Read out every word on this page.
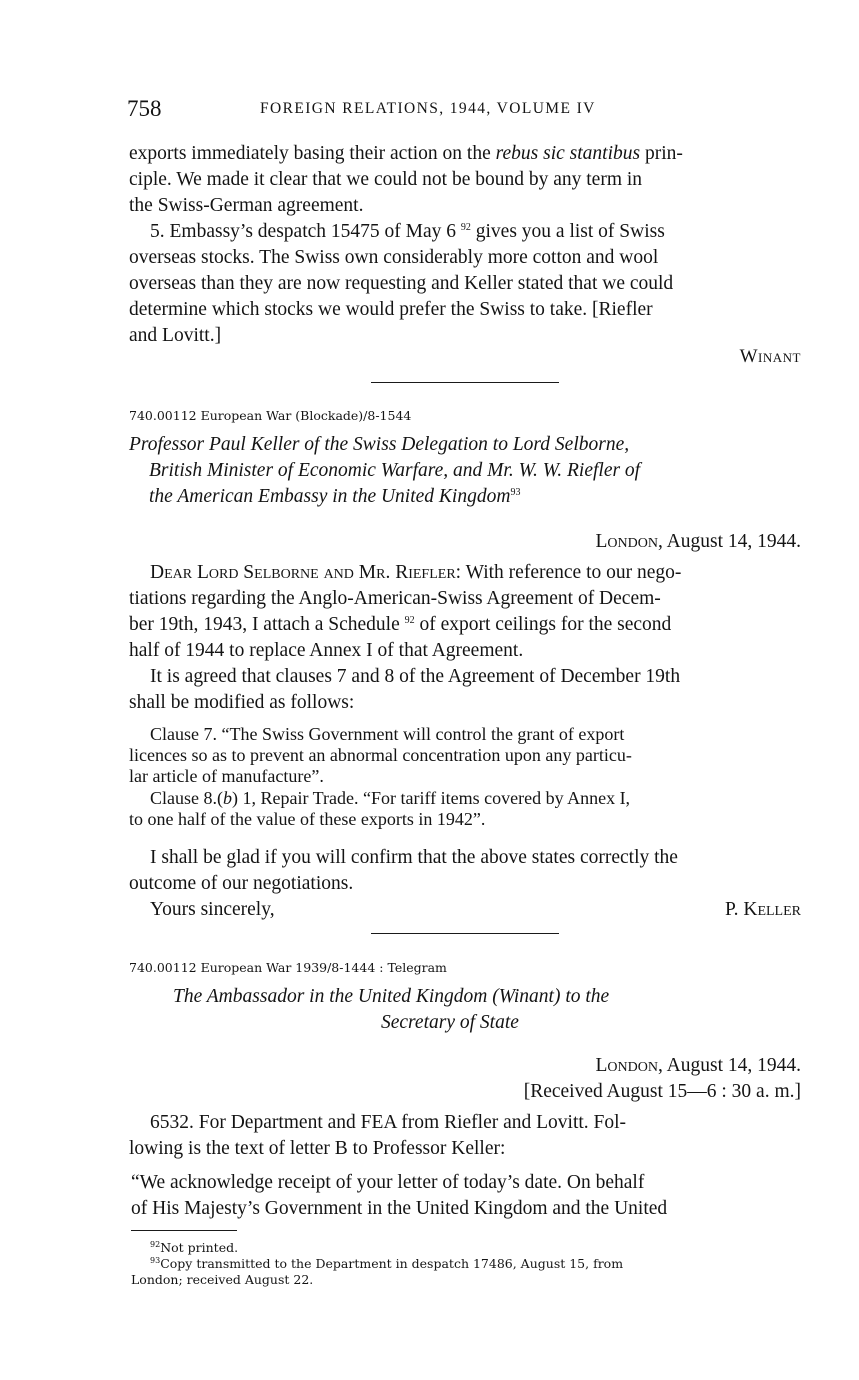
758	FOREIGN RELATIONS, 1944, VOLUME IV
exports immediately basing their action on the rebus sic stantibus prin-
ciple. We made it clear that we could not be bound by any term in
the Swiss-German agreement.
5. Embassy’s despatch 15475 of May 6 $^{92}$ gives you a list of Swiss
overseas stocks. The Swiss own considerably more cotton and wool
overseas than they are now requesting and Keller stated that we could
determine which stocks we would prefer the Swiss to take. [Riefler
and Lovitt.]
Winant
740.00112 European War (Blockade)/8-1544
Professor Paul Keller of the Swiss Delegation to Lord Selborne,
British Minister of Economic Warfare, and Mr. W. W. Riefler of
the American Embassy in the United Kingdom$^{93}$
London, August 14, 1944.
Dear Lord Selborne and Mr. Riefler: With reference to our nego-
tiations regarding the Anglo-American-Swiss Agreement of Decem-
ber 19th, 1943, I attach a Schedule $^{92}$ of export ceilings for the second
half of 1944 to replace Annex I of that Agreement.
It is agreed that clauses 7 and 8 of the Agreement of December 19th
shall be modified as follows:
Clause 7. “The Swiss Government will control the grant of export
licences so as to prevent an abnormal concentration upon any particu-
lar article of manufacture”.
Clause 8.(b) 1, Repair Trade. “For tariff items covered by Annex I,
to one half of the value of these exports in 1942”.
I shall be glad if you will confirm that the above states correctly the
outcome of our negotiations.
Yours sincerely,	P. Keller
740.00112 European War 1939/8-1444 : Telegram
The Ambassador in the United Kingdom (Winant) to the
Secretary of State
London, August 14, 1944.
[Received August 15—6 : 30 a. m.]
6532. For Department and FEA from Riefler and Lovitt. Fol-
lowing is the text of letter B to Professor Keller:
“We acknowledge receipt of your letter of today’s date. On behalf
of His Majesty’s Government in the United Kingdom and the United
$^{92}$Not printed.
$^{93}$Copy transmitted to the Department in despatch 17486, August 15, from
London; received August 22.
